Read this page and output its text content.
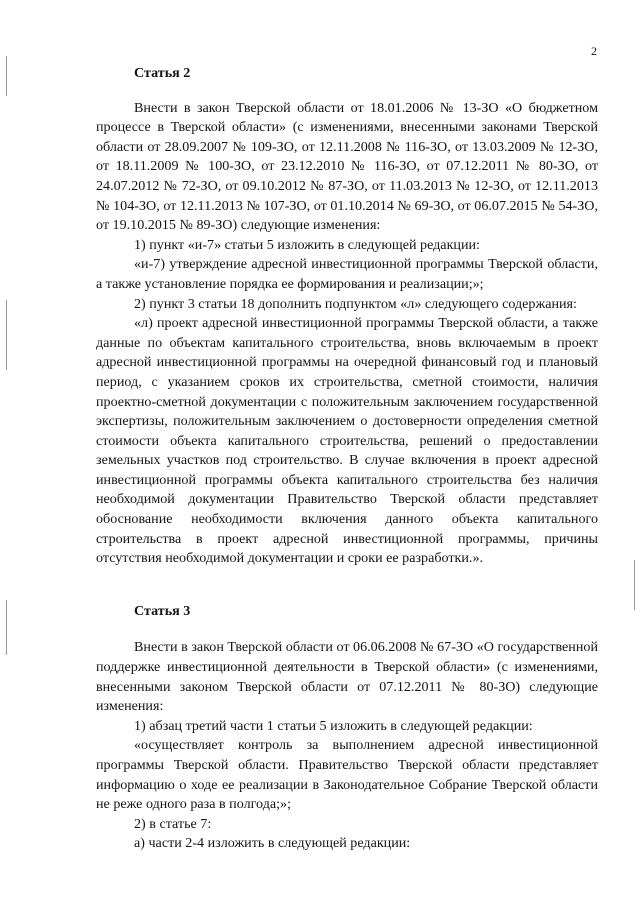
2
Статья 2

Внести в закон Тверской области от 18.01.2006 № 13-ЗО «О бюджетном процессе в Тверской области» (с изменениями, внесенными законами Тверской области от 28.09.2007 № 109-ЗО, от 12.11.2008 № 116-ЗО, от 13.03.2009 № 12-ЗО, от 18.11.2009 № 100-ЗО, от 23.12.2010 № 116-ЗО, от 07.12.2011 № 80-ЗО, от 24.07.2012 № 72-ЗО, от 09.10.2012 № 87-ЗО, от 11.03.2013 № 12-ЗО, от 12.11.2013 № 104-ЗО, от 12.11.2013 № 107-ЗО, от 01.10.2014 № 69-ЗО, от 06.07.2015 № 54-ЗО, от 19.10.2015 № 89-ЗО) следующие изменения:

1) пункт «и-7» статьи 5 изложить в следующей редакции:

«и-7) утверждение адресной инвестиционной программы Тверской области, а также установление порядка ее формирования и реализации;»;

2) пункт 3 статьи 18 дополнить подпунктом «л» следующего содержания:

«л) проект адресной инвестиционной программы Тверской области, а также данные по объектам капитального строительства, вновь включаемым в проект адресной инвестиционной программы на очередной финансовый год и плановый период, с указанием сроков их строительства, сметной стоимости, наличия проектно-сметной документации с положительным заключением государственной экспертизы, положительным заключением о достоверности определения сметной стоимости объекта капитального строительства, решений о предоставлении земельных участков под строительство. В случае включения в проект адресной инвестиционной программы объекта капитального строительства без наличия необходимой документации Правительство Тверской области представляет обоснование необходимости включения данного объекта капитального строительства в проект адресной инвестиционной программы, причины отсутствия необходимой документации и сроки ее разработки.».

Статья 3

Внести в закон Тверской области от 06.06.2008 № 67-ЗО «О государственной поддержке инвестиционной деятельности в Тверской области» (с изменениями, внесенными законом Тверской области от 07.12.2011 № 80-ЗО) следующие изменения:

1) абзац третий части 1 статьи 5 изложить в следующей редакции:

«осуществляет контроль за выполнением адресной инвестиционной программы Тверской области. Правительство Тверской области представляет информацию о ходе ее реализации в Законодательное Собрание Тверской области не реже одного раза в полгода;»;

2) в статье 7:

а) части 2-4 изложить в следующей редакции:
